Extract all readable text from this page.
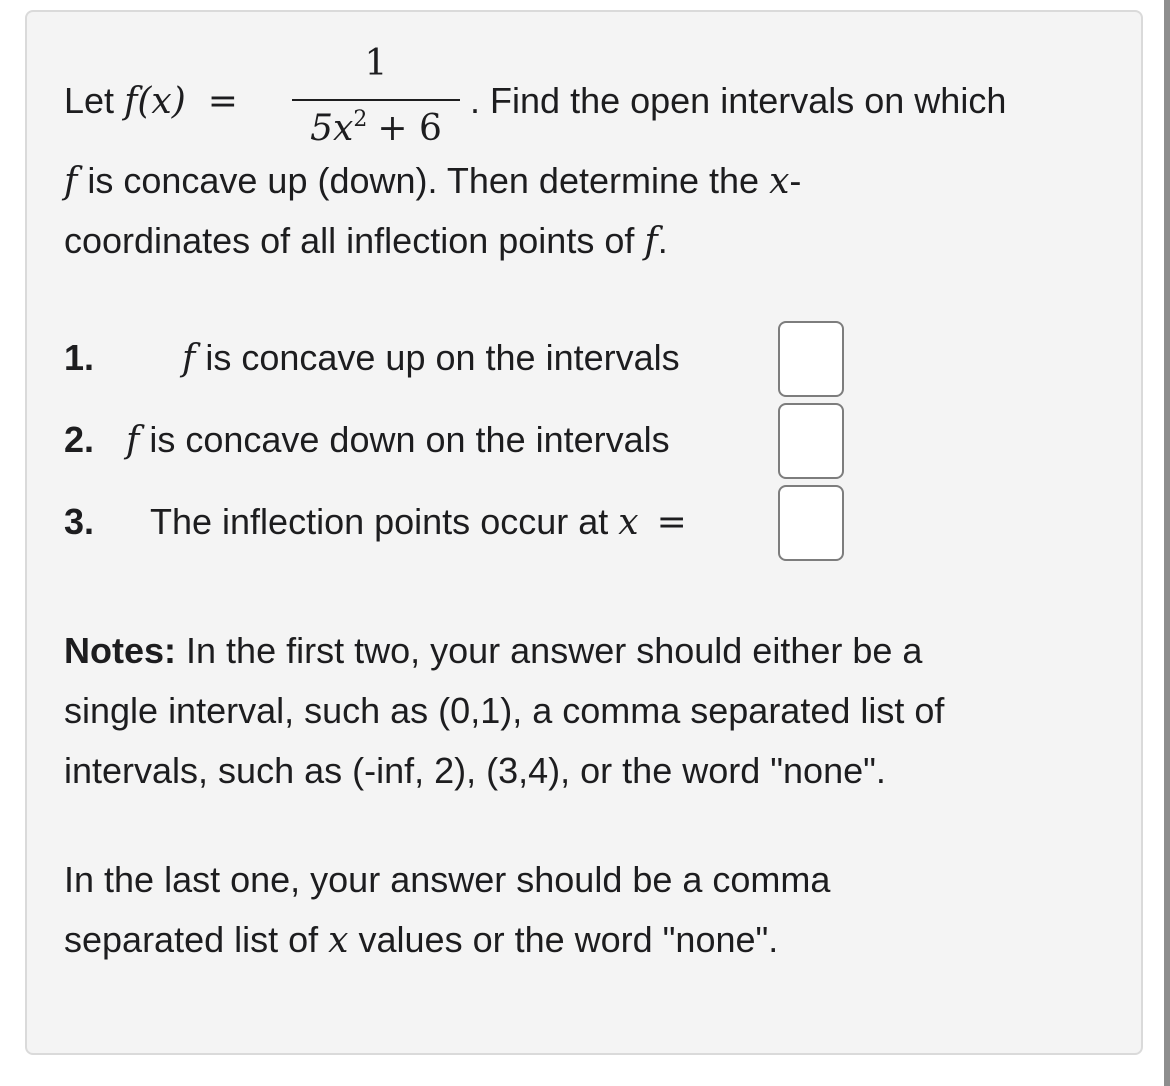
Let f(x) =
1
$5x^2 + 6$
. Find the open intervals on which
f is concave up (down). Then determine the x-
coordinates of all inflection points of f.
1. f is concave up on the intervals
2. f is concave down on the intervals
3. The inflection points occur at x =
Notes: In the first two, your answer should either be a
single interval, such as (0,1), a comma separated list of
intervals, such as (-inf, 2), (3,4), or the word "none".
In the last one, your answer should be a comma
separated list of x values or the word "none".
